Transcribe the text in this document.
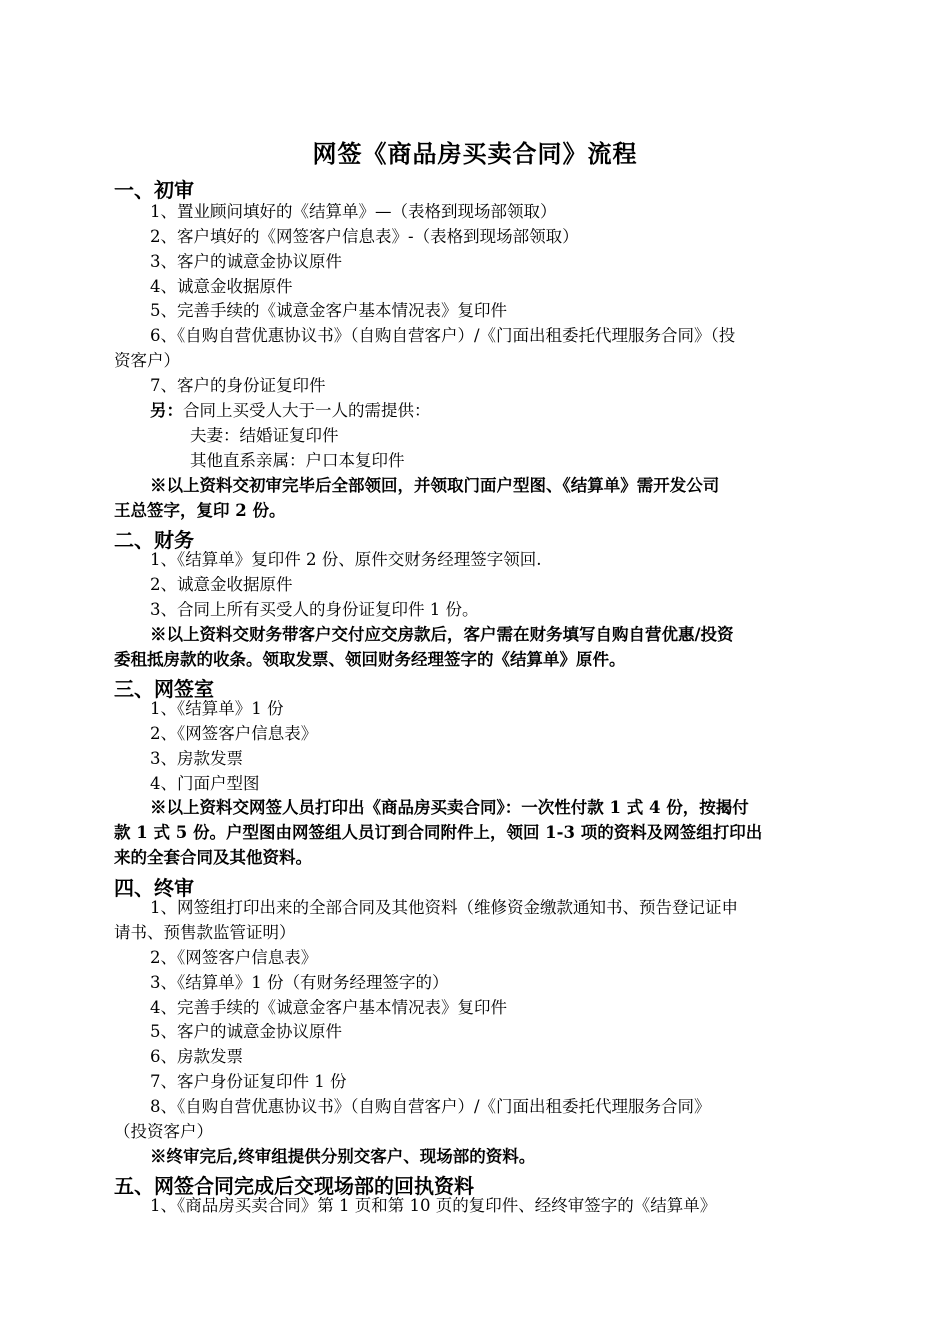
网签《商品房买卖合同》流程
一、初审
1、置业顾问填好的《结算单》—（表格到现场部领取）
2、客户填好的《网签客户信息表》-（表格到现场部领取）
3、客户的诚意金协议原件
4、诚意金收据原件
5、完善手续的《诚意金客户基本情况表》复印件
6、《自购自营优惠协议书》（自购自营客户）/《门面出租委托代理服务合同》（投
资客户）
7、客户的身份证复印件
另：合同上买受人大于一人的需提供：
夫妻：结婚证复印件
其他直系亲属：户口本复印件
※以上资料交初审完毕后全部领回，并领取门面户型图、《结算单》需开发公司
王总签字，复印 2 份。
二、财务
1、《结算单》复印件 2 份、原件交财务经理签字领回.
2、诚意金收据原件
3、合同上所有买受人的身份证复印件 1 份。
※以上资料交财务带客户交付应交房款后，客户需在财务填写自购自营优惠/投资
委租抵房款的收条。领取发票、领回财务经理签字的《结算单》原件。
三、网签室
1、《结算单》1 份
2、《网签客户信息表》
3、房款发票
4、门面户型图
※以上资料交网签人员打印出《商品房买卖合同》：一次性付款 1 式 4 份，按揭付
款 1 式 5 份。户型图由网签组人员订到合同附件上，领回 1-3 项的资料及网签组打印出
来的全套合同及其他资料。
四、终审
1、网签组打印出来的全部合同及其他资料（维修资金缴款通知书、预告登记证申
请书、预售款监管证明）
2、《网签客户信息表》
3、《结算单》1 份（有财务经理签字的）
4、完善手续的《诚意金客户基本情况表》复印件
5、客户的诚意金协议原件
6、房款发票
7、客户身份证复印件 1 份
8、《自购自营优惠协议书》（自购自营客户）/《门面出租委托代理服务合同》
（投资客户）
※终审完后,终审组提供分别交客户、现场部的资料。
五、网签合同完成后交现场部的回执资料
1、《商品房买卖合同》第 1 页和第 10 页的复印件、经终审签字的《结算单》
